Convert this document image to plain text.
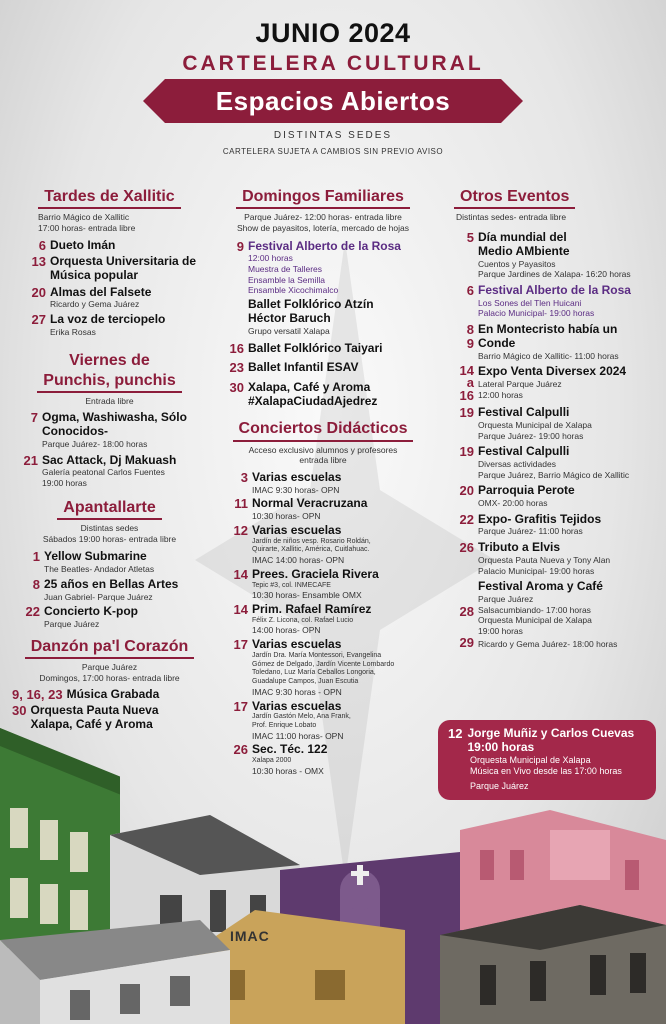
JUNIO 2024
CARTELERA CULTURAL
Espacios Abiertos
DISTINTAS SEDES
CARTELERA SUJETA A CAMBIOS SIN PREVIO AVISO
Tardes de Xallitic
Barrio Mágico de Xallitic
17:00 horas- entrada libre
6 Dueto Imán
13 Orquesta Universitaria de Música popular
20 Almas del Falsete
Ricardo y Gema Juárez
27 La voz de terciopelo
Erika Rosas
Viernes de
Punchis, punchis
Entrada libre
7 Ogma, Washiwasha, Sólo Conocidos-
Parque Juárez- 18:00 horas
21 Sac Attack, Dj Makuash
Galería peatonal Carlos Fuentes
19:00 horas
Apantallarte
Distintas sedes
Sábados 19:00 horas- entrada libre
1 Yellow Submarine
The Beatles- Andador Atletas
8 25 años en Bellas Artes
Juan Gabriel- Parque Juárez
22 Concierto K-pop
Parque Juárez
Danzón pa'l Corazón
Parque Juárez
Domingos, 17:00 horas- entrada libre
9, 16, 23 Música Grabada
30 Orquesta Pauta Nueva Xalapa, Café y Aroma
Domingos Familiares
Parque Juárez- 12:00 horas- entrada libre
Show de payasitos, lotería, mercado de hojas
9 Festival Alberto de la Rosa
12:00 horas
Muestra de Talleres
Ensamble la Semilla
Ensamble Xicochimalco
Ballet Folklórico Atzín Héctor Baruch
Grupo versatil Xalapa
16 Ballet Folklórico Taiyari
23 Ballet Infantil ESAV
30 Xalapa, Café y Aroma #XalapaCiudadAjedrez
Conciertos Didácticos
Acceso exclusivo alumnos y profesores
entrada libre
3 Varias escuelas
IMAC 9:30 horas- OPN
11 Normal Veracruzana
10:30 horas- OPN
12 Varias escuelas
Jardín de niños vesp. Rosario Roldán,
Quirarte, Xallitic, América, Cuitlahuac.
IMAC 14:00 horas- OPN
14 Prees. Graciela Rivera
Tepic #3, col. INMECAFE
10:30 horas- Ensamble OMX
14 Prim. Rafael Ramírez
Félix Z. Licona, col. Rafael Lucio
14:00 horas- OPN
17 Varias escuelas
Jardín Dra. María Montessori, Evangelina
Gómez de Delgado, Jardín Vicente Lombardo
Toledano, Luz María Ceballos Longoria,
Guadalupe Campos, Juan Escutia
IMAC 9:30 horas - OPN
17 Varias escuelas
Jardín Gastón Melo, Ana Frank,
Prof. Enrique Lobato
IMAC 11:00 horas- OPN
26 Sec. Téc. 122
Xalapa 2000
10:30 horas - OMX
Otros Eventos
Distintas sedes- entrada libre
5 Día mundial del Medio AMbiente
Cuentos y Payasitos
Parque Jardines de Xalapa- 16:20 horas
6 Festival Alberto de la Rosa
Los Sones del Tlen Huicani
Palacio Municipal- 19:00 horas
8
9
En Montecristo había un Conde
Barrio Mágico de Xallitic- 11:00 horas
14
a
16
Expo Venta Diversex 2024
Lateral Parque Juárez
12:00 horas
19 Festival Calpulli
Orquesta Municipal de Xalapa
Parque Juárez- 19:00 horas
19 Festival Calpulli
Diversas actividades
Parque Juárez, Barrio Mágico de Xallitic
20 Parroquia Perote
OMX- 20:00 horas
22 Expo- Grafitis Tejidos
Parque Juárez- 11:00 horas
26 Tributo a Elvis
Orquesta Pauta Nueva y Tony Alan
Palacio Municipal- 19:00 horas
Festival Aroma y Café
Parque Juárez
28 Salsacumbiando- 17:00 horas
Orquesta Municipal de Xalapa
19:00 horas
29 Ricardo y Gema Juárez- 18:00 horas
IMAC
12 Jorge Muñiz y Carlos Cuevas 19:00 horas
Orquesta Municipal de Xalapa
Música en Vivo desde las 17:00 horas
Parque Juárez
